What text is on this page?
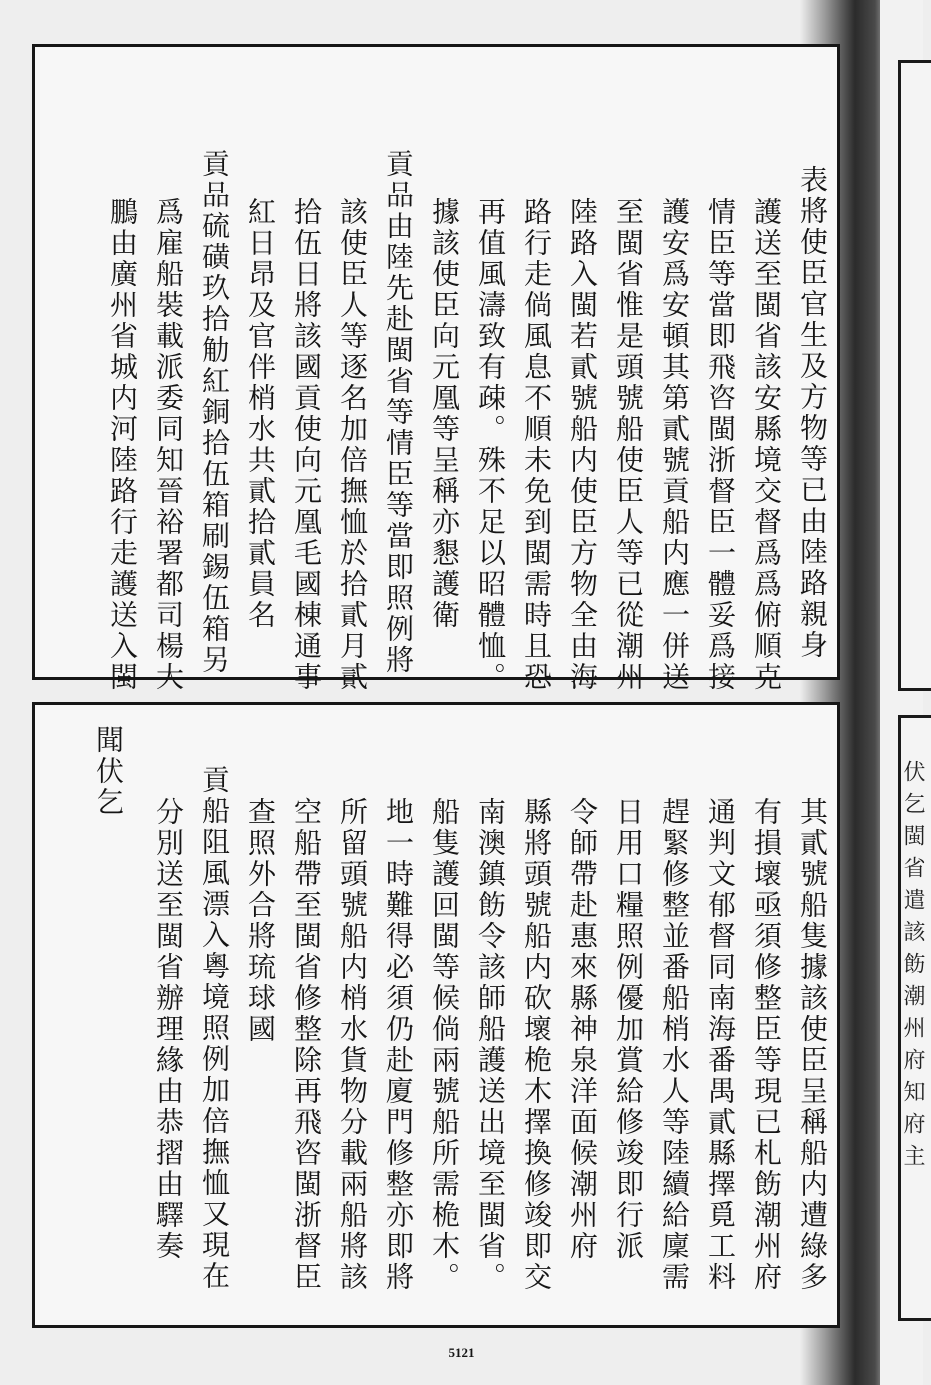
伏乞閩省遣該飭潮州府知府主
表將使臣官生及方物等已由陸路親身
護送至閩省該安縣境交督爲爲俯順克
情臣等當即飛咨閩浙督臣一體妥爲接
護安爲安頓其第貳號貢船内應一併送
至閩省惟是頭號船使臣人等已從潮州
陸路入閩若貳號船内使臣方物全由海
路行走倘風息不順未免到閩需時且恐
再值風濤致有疎。殊不足以昭體恤。
據該使臣向元凰等呈稱亦懇護衛
貢品由陸先赴閩省等情臣等當即照例將
該使臣人等逐名加倍撫恤於拾貳月貳
拾伍日將該國貢使向元凰毛國棟通事
紅日昂及官伴梢水共貳拾貳員名
貢品硫磺玖拾觔紅銅拾伍箱刷錫伍箱另
爲雇船裝載派委同知晉裕署都司楊大
鵬由廣州省城内河陸路行走護送入閩
其貳號船隻據該使臣呈稱船内遭綠多
有損壞亟須修整臣等現已札飭潮州府
通判文郁督同南海番禺貳縣擇覓工料
趕緊修整並番船梢水人等陸續給廩需
日用口糧照例優加賞給修竣即行派
令師帶赴惠來縣神泉洋面候潮州府
縣將頭號船内砍壞桅木擇換修竣即交
南澳鎮飭令該師船護送出境至閩省。
船隻護回閩等候倘兩號船所需桅木。
地一時難得必須仍赴廈門修整亦即將
所留頭號船内梢水貨物分載兩船將該
空船帶至閩省修整除再飛咨閩浙督臣
查照外合將琉球國
貢船阻風漂入粵境照例加倍撫恤又現在
分別送至閩省辦理緣由恭摺由驛奏
聞伏乞
5121
